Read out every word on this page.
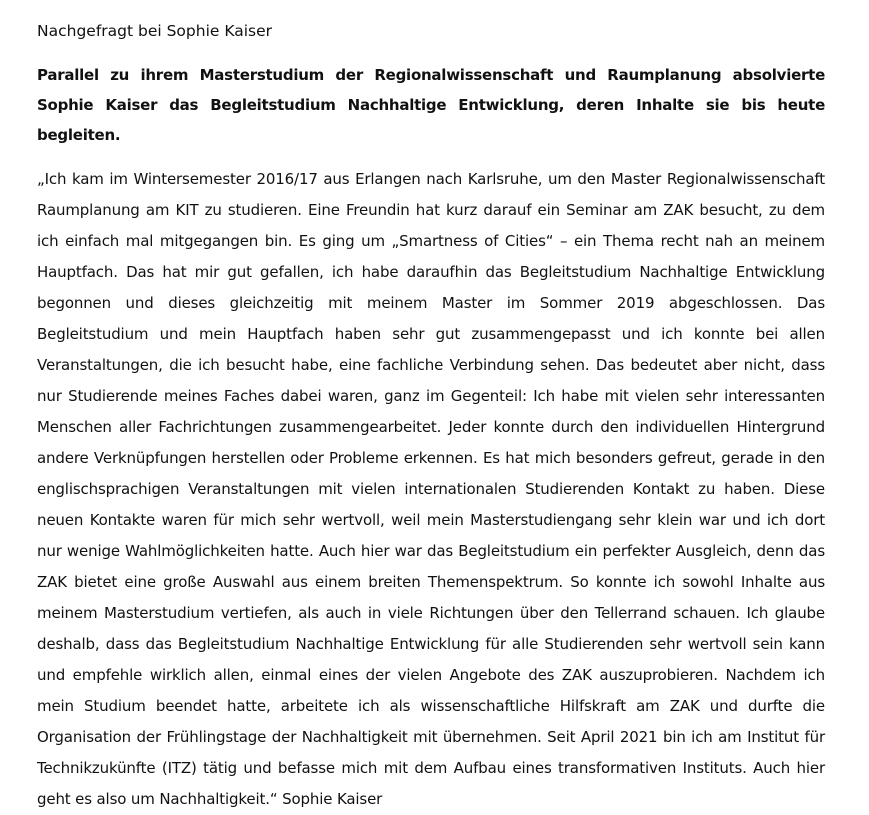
Nachgefragt bei Sophie Kaiser

Parallel zu ihrem Masterstudium der Regionalwissenschaft und Raumplanung absolvierte Sophie Kaiser das Begleitstudium Nachhaltige Entwicklung, deren Inhalte sie bis heute begleiten.

„Ich kam im Wintersemester 2016/17 aus Erlangen nach Karlsruhe, um den Master Regionalwissenschaft Raumplanung am KIT zu studieren. Eine Freundin hat kurz darauf ein Seminar am ZAK besucht, zu dem ich einfach mal mitgegangen bin. Es ging um „Smartness of Cities“ – ein Thema recht nah an meinem Hauptfach. Das hat mir gut gefallen, ich habe daraufhin das Begleitstudium Nachhaltige Entwicklung begonnen und dieses gleichzeitig mit meinem Master im Sommer 2019 abgeschlossen. Das Begleitstudium und mein Hauptfach haben sehr gut zusammengepasst und ich konnte bei allen Veranstaltungen, die ich besucht habe, eine fachliche Verbindung sehen. Das bedeutet aber nicht, dass nur Studierende meines Faches dabei waren, ganz im Gegenteil: Ich habe mit vielen sehr interessanten Menschen aller Fachrichtungen zusammengearbeitet. Jeder konnte durch den individuellen Hintergrund andere Verknüpfungen herstellen oder Probleme erkennen. Es hat mich besonders gefreut, gerade in den englischsprachigen Veranstaltungen mit vielen internationalen Studierenden Kontakt zu haben. Diese neuen Kontakte waren für mich sehr wertvoll, weil mein Masterstudiengang sehr klein war und ich dort nur wenige Wahlmöglichkeiten hatte. Auch hier war das Begleitstudium ein perfekter Ausgleich, denn das ZAK bietet eine große Auswahl aus einem breiten Themenspektrum. So konnte ich sowohl Inhalte aus meinem Masterstudium vertiefen, als auch in viele Richtungen über den Tellerrand schauen. Ich glaube deshalb, dass das Begleitstudium Nachhaltige Entwicklung für alle Studierenden sehr wertvoll sein kann und empfehle wirklich allen, einmal eines der vielen Angebote des ZAK auszuprobieren. Nachdem ich mein Studium beendet hatte, arbeitete ich als wissenschaftliche Hilfskraft am ZAK und durfte die Organisation der Frühlingstage der Nachhaltigkeit mit übernehmen. Seit April 2021 bin ich am Institut für Technikzukünfte (ITZ) tätig und befasse mich mit dem Aufbau eines transformativen Instituts. Auch hier geht es also um Nachhaltigkeit.“ Sophie Kaiser
